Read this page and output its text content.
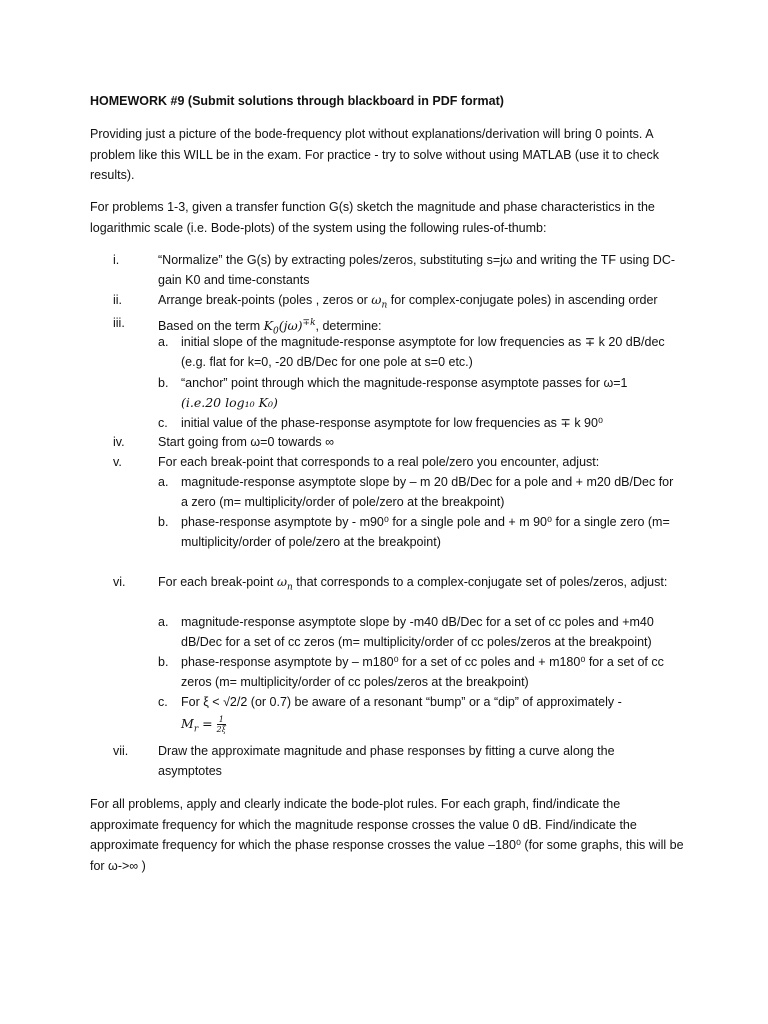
HOMEWORK #9 (Submit solutions through blackboard in PDF format)
Providing just a picture of the bode-frequency plot without explanations/derivation will bring 0 points. A problem like this WILL be in the exam. For practice - try to solve without using MATLAB (use it to check results).
For problems 1-3, given a transfer function G(s) sketch the magnitude and phase characteristics in the logarithmic scale (i.e. Bode-plots) of the system using the following rules-of-thumb:
i.	“Normalize” the G(s) by extracting poles/zeros, substituting s=jω and writing the TF using DC-gain K0 and time-constants
ii.	Arrange break-points (poles , zeros or $\omega_n$ for complex-conjugate poles) in ascending order
iii.	Based on the term $K_0(j\omega)^{\mp k}$, determine:
a. initial slope of the magnitude-response asymptote for low frequencies as ∓ k 20 dB/dec (e.g. flat for k=0, -20 dB/Dec for one pole at s=0 etc.)
b. “anchor” point through which the magnitude-response asymptote passes for ω=1
(i.e.20 log₁₀ K₀)
c. initial value of the phase-response asymptote for low frequencies as ∓ k 90⁰
iv.	Start going from ω=0 towards ∞
v.	For each break-point that corresponds to a real pole/zero you encounter, adjust:
a. magnitude-response asymptote slope by – m 20 dB/Dec for a pole and + m20 dB/Dec for a zero (m= multiplicity/order of pole/zero at the breakpoint)
b. phase-response asymptote by - m90⁰ for a single pole and + m 90⁰ for a single zero (m= multiplicity/order of pole/zero at the breakpoint)
vi.	For each break-point $\omega_n$ that corresponds to a complex-conjugate set of poles/zeros, adjust:
a. magnitude-response asymptote slope by -m40 dB/Dec for a set of cc poles and +m40 dB/Dec for a set of cc zeros (m= multiplicity/order of cc poles/zeros at the breakpoint)
b. phase-response asymptote by – m180⁰ for a set of cc poles and + m180⁰ for a set of cc zeros (m= multiplicity/order of cc poles/zeros at the breakpoint)
c. For ξ < √2/2 (or 0.7) be aware of a resonant “bump” or a “dip” of approximately -
$M_r = \frac{1}{2\xi}$
vii. Draw the approximate magnitude and phase responses by fitting a curve along the asymptotes
For all problems, apply and clearly indicate the bode-plot rules. For each graph, find/indicate the approximate frequency for which the magnitude response crosses the value 0 dB. Find/indicate the approximate frequency for which the phase response crosses the value –180⁰ (for some graphs, this will be for ω->∞ )
